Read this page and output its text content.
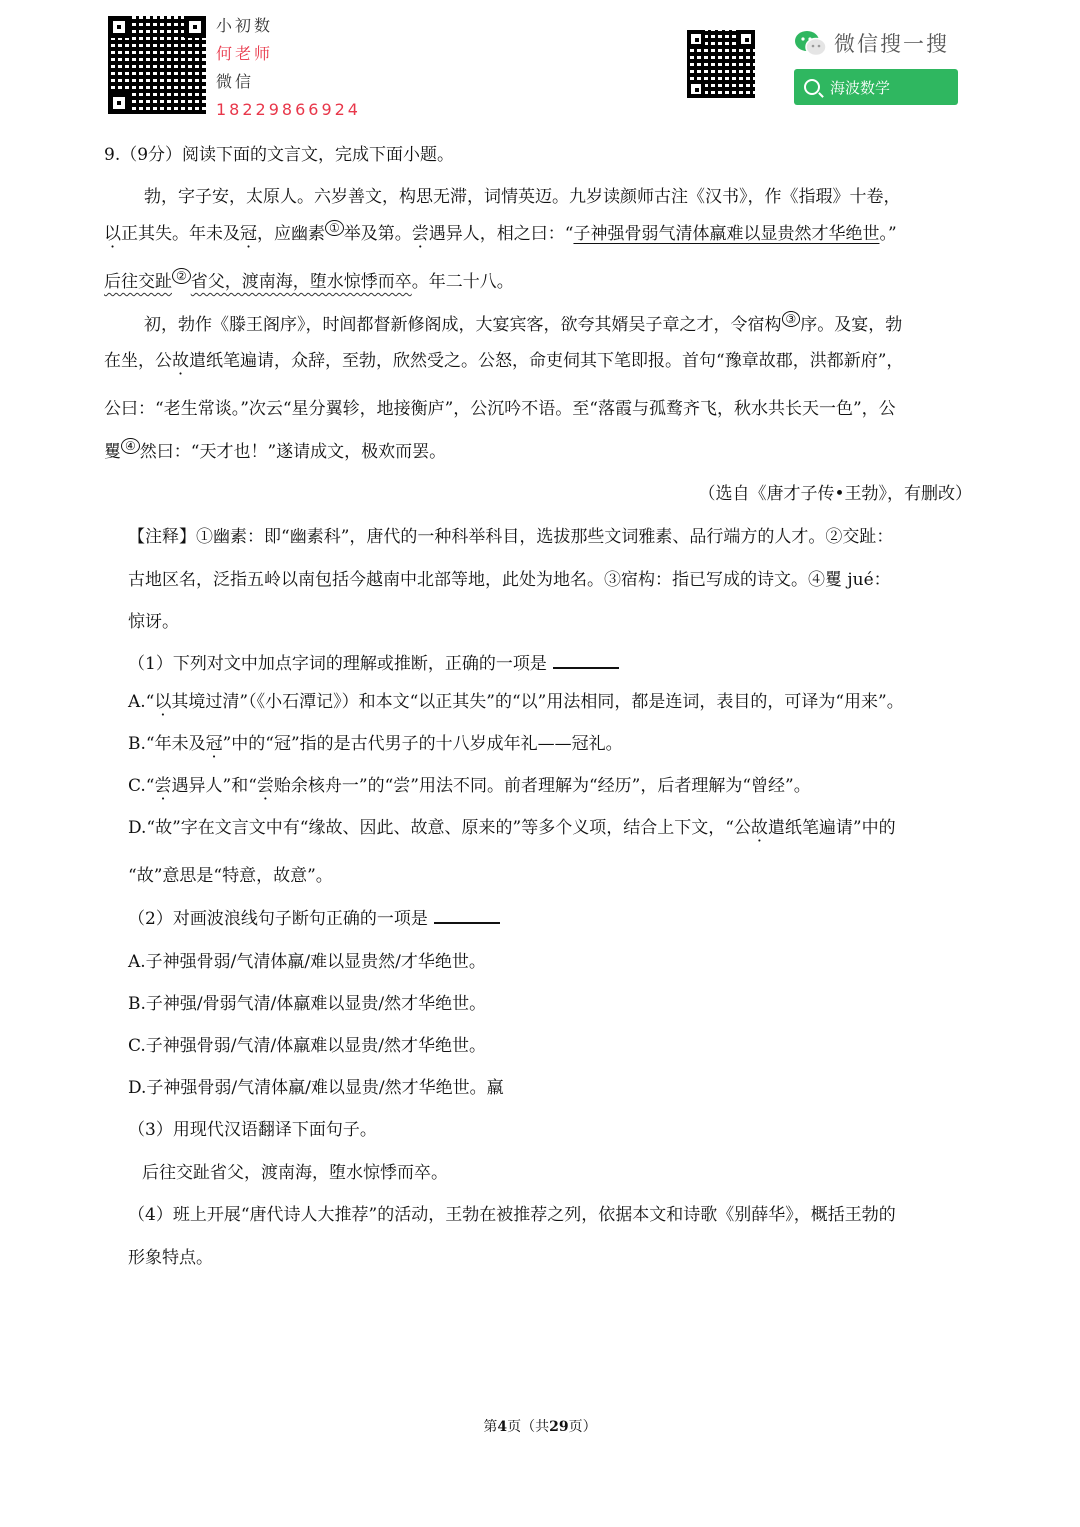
小初数
何老师
微信
18229866924
微信搜一搜
海波数学
9.（9分）阅读下面的文言文，完成下面小题。
勃，字子安，太原人。六岁善文，构思无滞，词情英迈。九岁读颜师古注《汉书》，作《指瑕》十卷，
以正其失。年未及冠，应幽素 ① 举及第。尝遇异人，相之曰：“子神强骨弱气清体羸难以显贵然才华绝世。”
后往交趾 ② 省父，渡南海，堕水惊悸而卒。年二十八。
初，勃作《滕王阁序》，时闾都督新修阁成，大宴宾客，欲夸其婿吴子章之才，令宿构 ③ 序。及宴，勃
在坐，公故遣纸笔遍请，众辞，至勃，欣然受之。公怒，命吏伺其下笔即报。首句“豫章故郡，洪都新府”，
公曰：“老生常谈。”次云“星分翼轸，地接衡庐”，公沉吟不语。至“落霞与孤鹜齐飞，秋水共长天一色”，公
矍 ④ 然曰：“天才也！”遂请成文，极欢而罢。
（选自《唐才子传•王勃》，有删改）
【注释】①幽素：即“幽素科”，唐代的一种科举科目，选拔那些文词雅素、品行端方的人才。②交趾：
古地区名，泛指五岭以南包括今越南中北部等地，此处为地名。③宿构：指已写成的诗文。④矍 jué：
惊讶。
（1）下列对文中加点字词的理解或推断，正确的一项是
A.“以其境过清”（《小石潭记》）和本文“以正其失”的“以”用法相同，都是连词，表目的，可译为“用来”。
B.“年未及冠”中的“冠”指的是古代男子的十八岁成年礼——冠礼。
C.“尝遇异人”和“尝贻余核舟一”的“尝”用法不同。前者理解为“经历”，后者理解为“曾经”。
D.“故”字在文言文中有“缘故、因此、故意、原来的”等多个义项，结合上下文，“公故遣纸笔遍请”中的
“故”意思是“特意，故意”。
（2）对画波浪线句子断句正确的一项是
A.子神强骨弱/气清体羸/难以显贵然/才华绝世。
B.子神强/骨弱气清/体羸难以显贵/然才华绝世。
C.子神强骨弱/气清/体羸难以显贵/然才华绝世。
D.子神强骨弱/气清体羸/难以显贵/然才华绝世。羸
（3）用现代汉语翻译下面句子。
后往交趾省父，渡南海，堕水惊悸而卒。
（4）班上开展“唐代诗人大推荐”的活动，王勃在被推荐之列，依据本文和诗歌《别薛华》，概括王勃的
形象特点。
第4页（共29页）
